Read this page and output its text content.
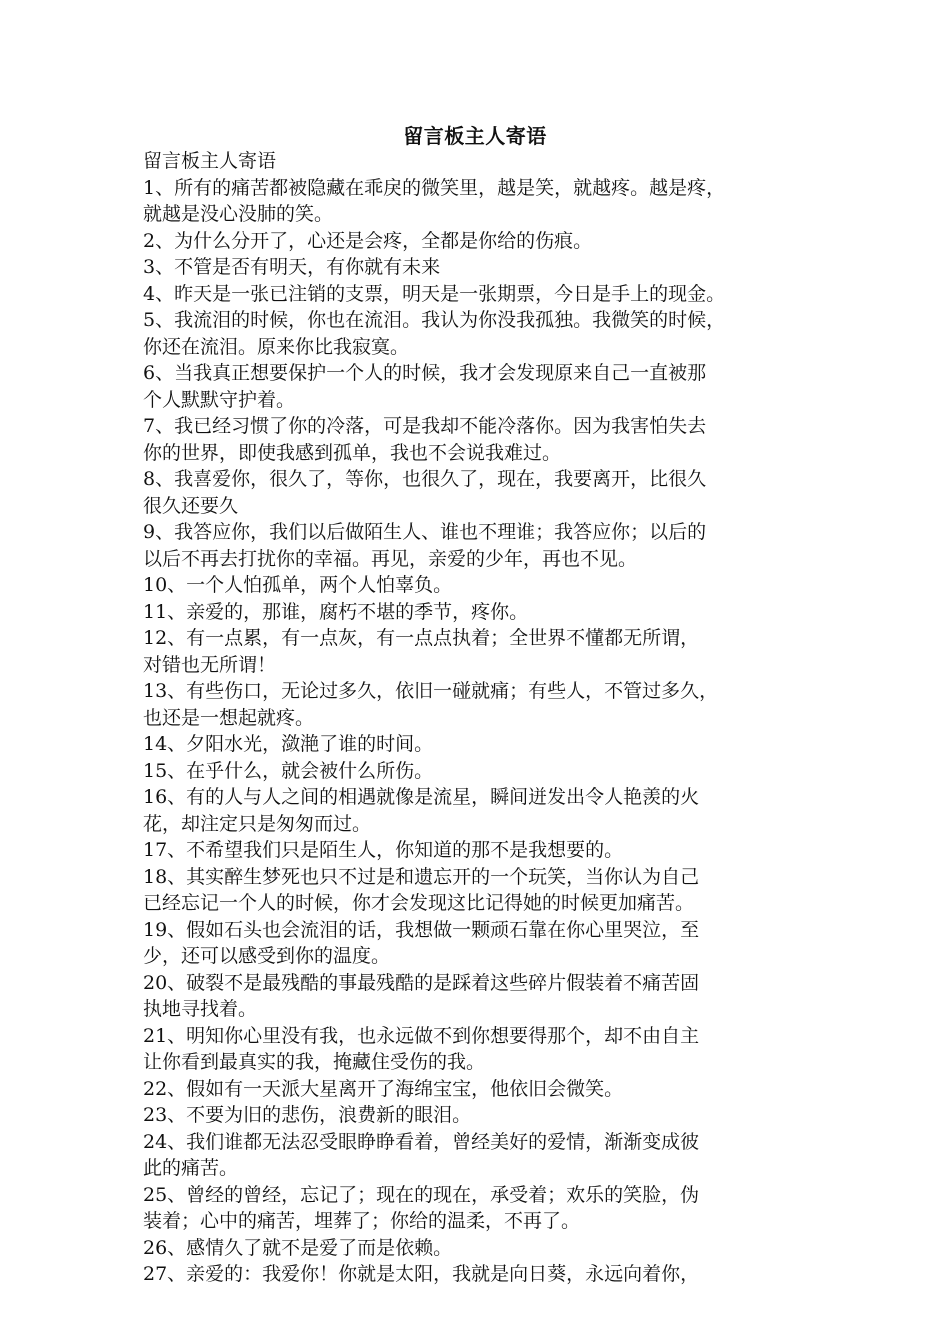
留言板主人寄语
留言板主人寄语
1、所有的痛苦都被隐藏在乖戾的微笑里，越是笑，就越疼。越是疼，
就越是没心没肺的笑。
2、为什么分开了，心还是会疼，全都是你给的伤痕。
3、不管是否有明天，有你就有未来
4、昨天是一张已注销的支票，明天是一张期票，今日是手上的现金。
5、我流泪的时候，你也在流泪。我认为你没我孤独。我微笑的时候，
你还在流泪。原来你比我寂寞。
6、当我真正想要保护一个人的时候，我才会发现原来自己一直被那
个人默默守护着。
7、我已经习惯了你的冷落，可是我却不能冷落你。因为我害怕失去
你的世界，即使我感到孤单，我也不会说我难过。
8、我喜爱你，很久了，等你，也很久了，现在，我要离开，比很久
很久还要久
9、我答应你，我们以后做陌生人、谁也不理谁；我答应你；以后的
以后不再去打扰你的幸福。再见，亲爱的少年，再也不见。
10、一个人怕孤单，两个人怕辜负。
11、亲爱的，那谁，腐朽不堪的季节，疼你。
12、有一点累，有一点灰，有一点点执着；全世界不懂都无所谓，
对错也无所谓！
13、有些伤口，无论过多久，依旧一碰就痛；有些人，不管过多久，
也还是一想起就疼。
14、夕阳水光，潋滟了谁的时间。
15、在乎什么，就会被什么所伤。
16、有的人与人之间的相遇就像是流星，瞬间迸发出令人艳羡的火
花，却注定只是匆匆而过。
17、不希望我们只是陌生人，你知道的那不是我想要的。
18、其实醉生梦死也只不过是和遗忘开的一个玩笑，当你认为自己
已经忘记一个人的时候，你才会发现这比记得她的时候更加痛苦。
19、假如石头也会流泪的话，我想做一颗顽石靠在你心里哭泣，至
少，还可以感受到你的温度。
20、破裂不是最残酷的事最残酷的是踩着这些碎片假装着不痛苦固
执地寻找着。
21、明知你心里没有我，也永远做不到你想要得那个，却不由自主
让你看到最真实的我，掩藏住受伤的我。
22、假如有一天派大星离开了海绵宝宝，他依旧会微笑。
23、不要为旧的悲伤，浪费新的眼泪。
24、我们谁都无法忍受眼睁睁看着，曾经美好的爱情，渐渐变成彼
此的痛苦。
25、曾经的曾经，忘记了；现在的现在，承受着；欢乐的笑脸，伪
装着；心中的痛苦，埋葬了；你给的温柔，不再了。
26、感情久了就不是爱了而是依赖。
27、亲爱的：我爱你！你就是太阳，我就是向日葵，永远向着你，
